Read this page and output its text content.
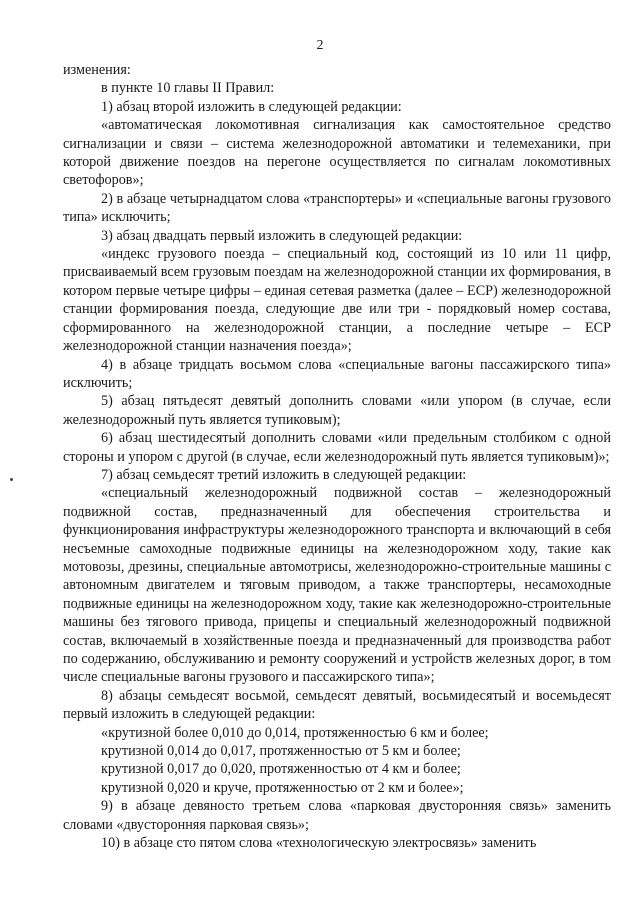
2

изменения:

в пункте 10 главы II Правил:

1) абзац второй изложить в следующей редакции:

«автоматическая локомотивная сигнализация как самостоятельное средство сигнализации и связи – система железнодорожной автоматики и телемеханики, при которой движение поездов на перегоне осуществляется по сигналам локомотивных светофоров»;

2) в абзаце четырнадцатом слова «транспортеры» и «специальные вагоны грузового типа» исключить;

3) абзац двадцать первый изложить в следующей редакции:

«индекс грузового поезда – специальный код, состоящий из 10 или 11 цифр, присваиваемый всем грузовым поездам на железнодорожной станции их формирования, в котором первые четыре цифры – единая сетевая разметка (далее – ЕСР) железнодорожной станции формирования поезда, следующие две или три - порядковый номер состава, сформированного на железнодорожной станции, а последние четыре – ЕСР железнодорожной станции назначения поезда»;

4) в абзаце тридцать восьмом слова «специальные вагоны пассажирского типа» исключить;

5) абзац пятьдесят девятый дополнить словами «или упором (в случае, если железнодорожный путь является тупиковым);

6) абзац шестидесятый дополнить словами «или предельным столбиком с одной стороны и упором с другой (в случае, если железнодорожный путь является тупиковым)»;

7) абзац семьдесят третий изложить в следующей редакции:

«специальный железнодорожный подвижной состав – железнодорожный подвижной состав, предназначенный для обеспечения строительства и функционирования инфраструктуры железнодорожного транспорта и включающий в себя несъемные самоходные подвижные единицы на железнодорожном ходу, такие как мотовозы, дрезины, специальные автомотрисы, железнодорожно-строительные машины с автономным двигателем и тяговым приводом, а также транспортеры, несамоходные подвижные единицы на железнодорожном ходу, такие как железнодорожно-строительные машины без тягового привода, прицепы и специальный железнодорожный подвижной состав, включаемый в хозяйственные поезда и предназначенный для производства работ по содержанию, обслуживанию и ремонту сооружений и устройств железных дорог, в том числе специальные вагоны грузового и пассажирского типа»;

8) абзацы семьдесят восьмой, семьдесят девятый, восьмидесятый и восемьдесят первый изложить в следующей редакции:

«крутизной более 0,010 до 0,014, протяженностью 6 км и более;

крутизной 0,014 до 0,017, протяженностью от 5 км и более;

крутизной 0,017 до 0,020, протяженностью от 4 км и более;

крутизной 0,020 и круче, протяженностью от 2 км и более»;

9) в абзаце девяносто третьем слова «парковая двусторонняя связь» заменить словами «двусторонняя парковая связь»;

10) в абзаце сто пятом слова «технологическую электросвязь» заменить
